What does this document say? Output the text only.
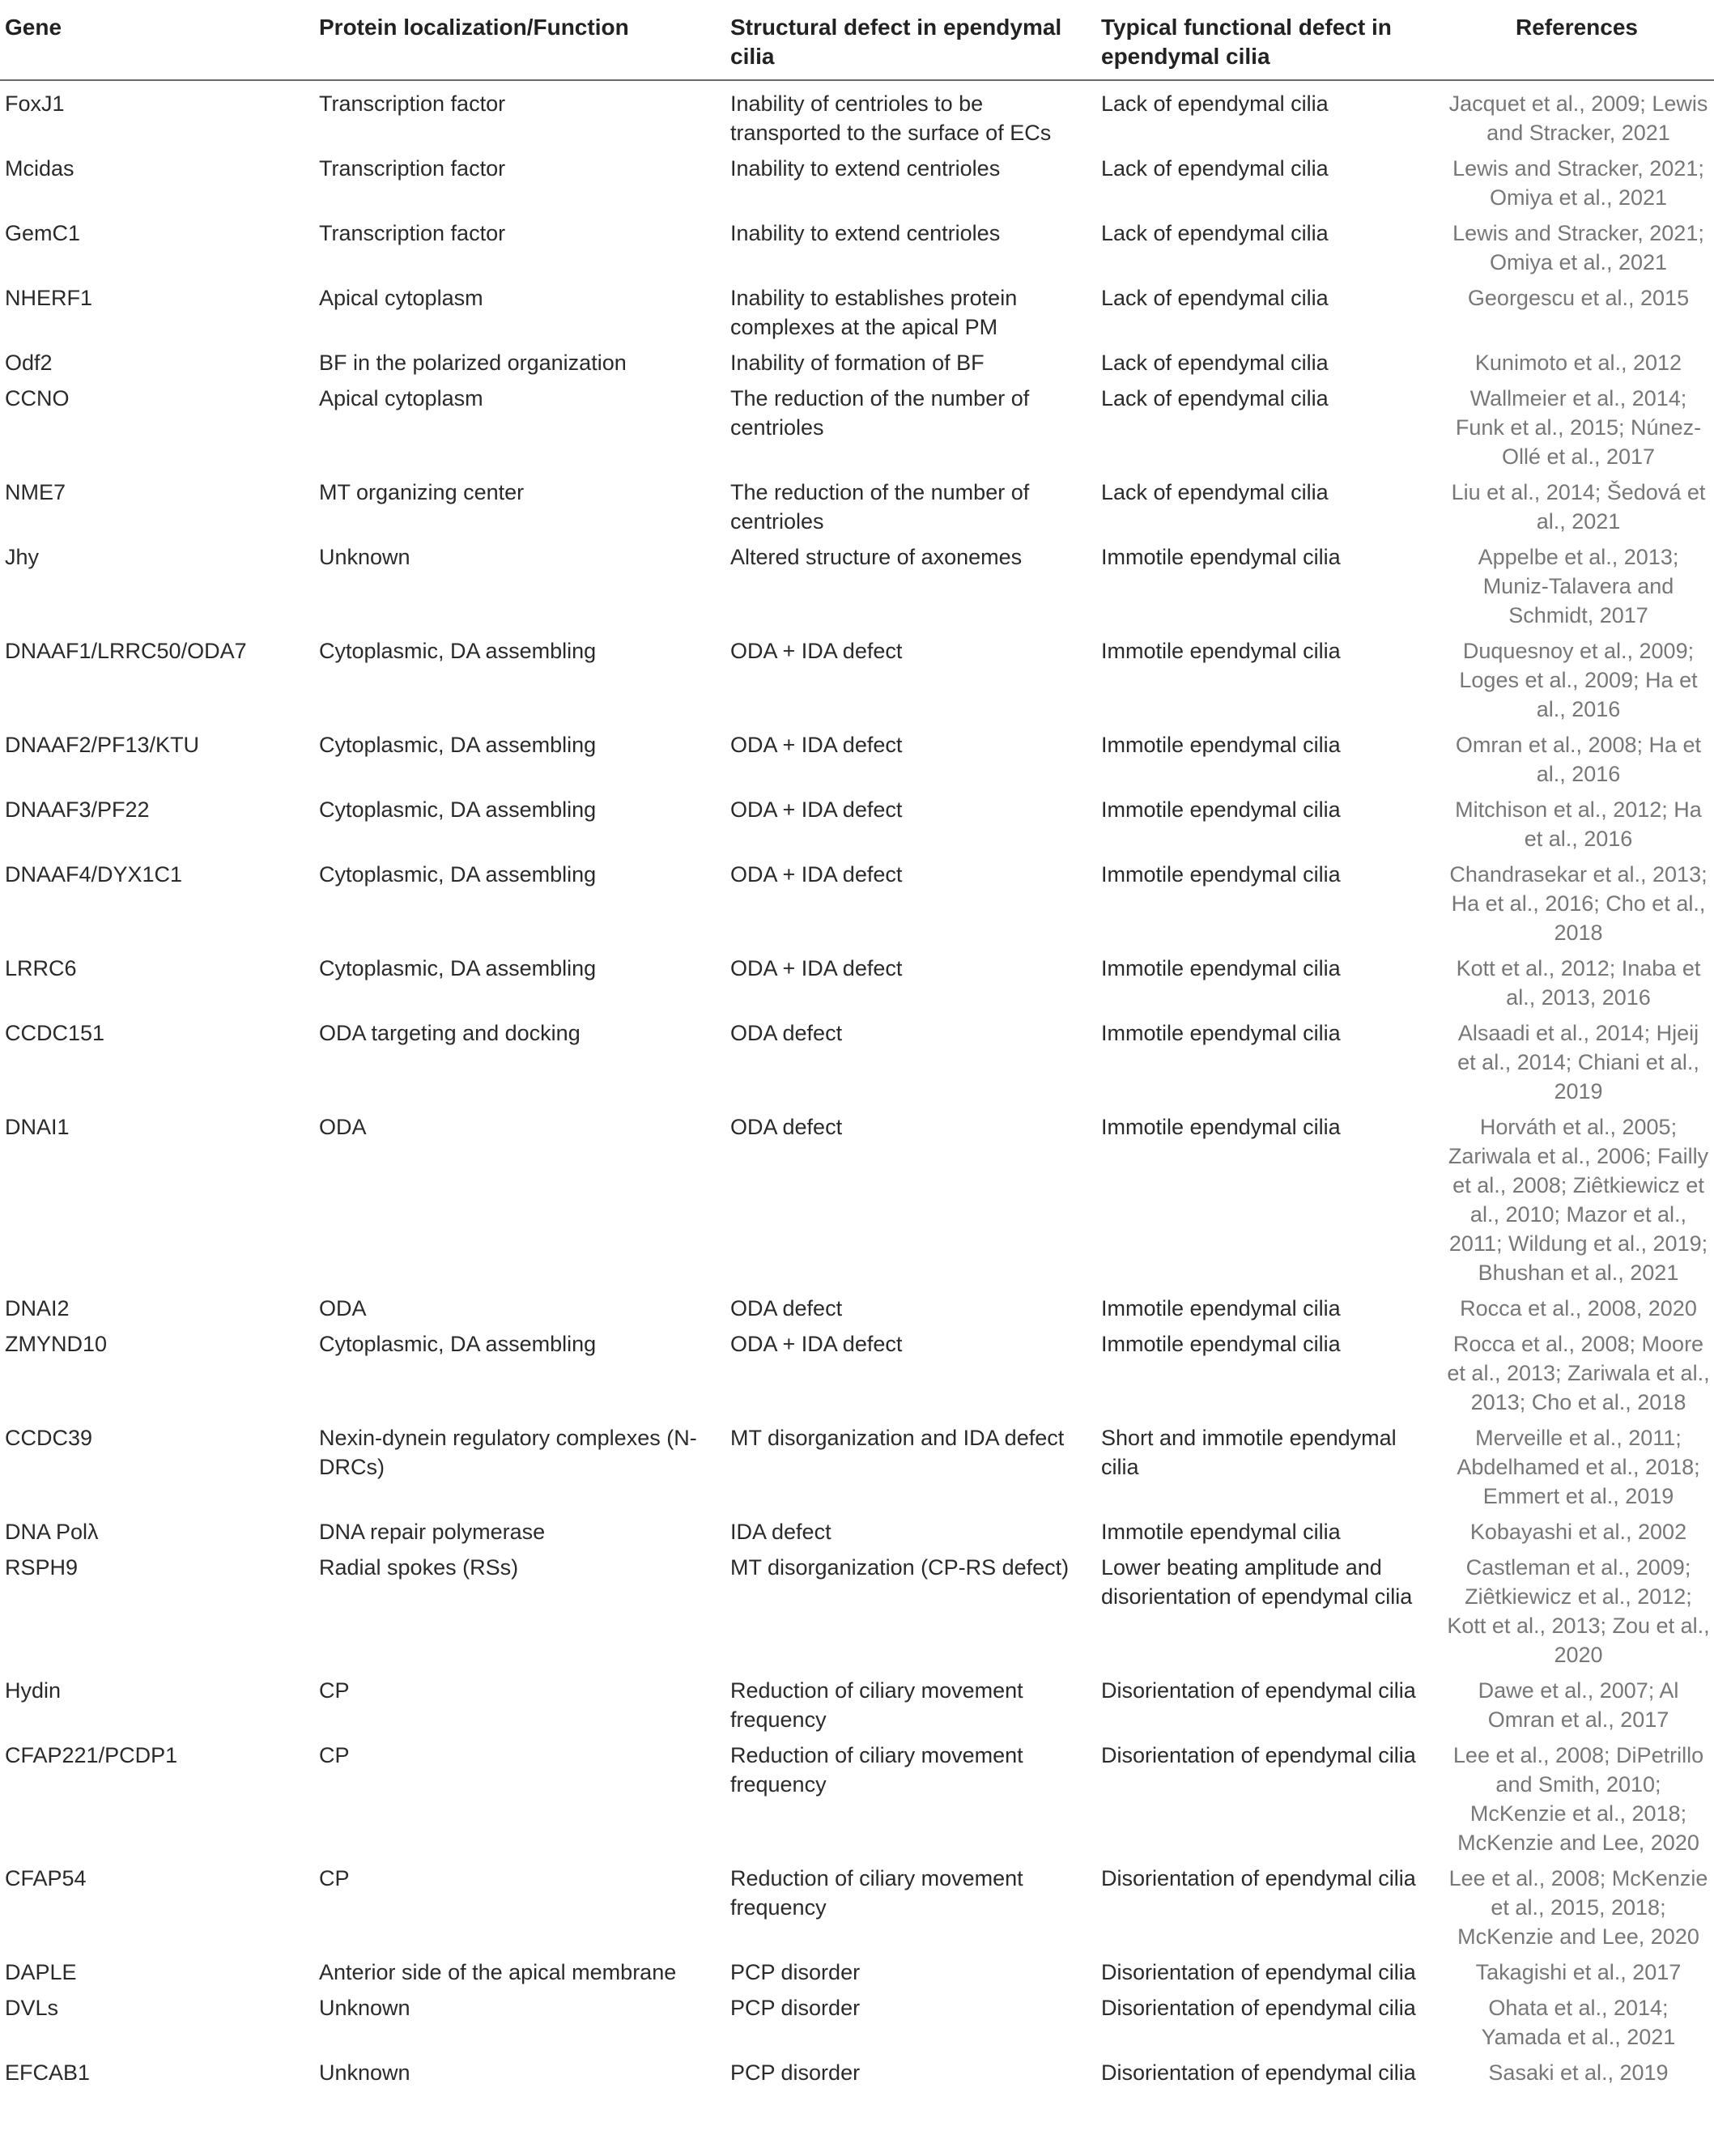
Gene	Protein localization/Function	Structural defect in ependymal cilia	Typical functional defect in ependymal cilia	References
FoxJ1	Transcription factor	Inability of centrioles to be transported to the surface of ECs	Lack of ependymal cilia	Jacquet et al., 2009; Lewis and Stracker, 2021
Mcidas	Transcription factor	Inability to extend centrioles	Lack of ependymal cilia	Lewis and Stracker, 2021; Omiya et al., 2021
GemC1	Transcription factor	Inability to extend centrioles	Lack of ependymal cilia	Lewis and Stracker, 2021; Omiya et al., 2021
NHERF1	Apical cytoplasm	Inability to establishes protein complexes at the apical PM	Lack of ependymal cilia	Georgescu et al., 2015
Odf2	BF in the polarized organization	Inability of formation of BF	Lack of ependymal cilia	Kunimoto et al., 2012
CCNO	Apical cytoplasm	The reduction of the number of centrioles	Lack of ependymal cilia	Wallmeier et al., 2014; Funk et al., 2015; Núnez-Ollé et al., 2017
NME7	MT organizing center	The reduction of the number of centrioles	Lack of ependymal cilia	Liu et al., 2014; Šedová et al., 2021
Jhy	Unknown	Altered structure of axonemes	Immotile ependymal cilia	Appelbe et al., 2013; Muniz-Talavera and Schmidt, 2017
DNAAF1/LRRC50/ODA7	Cytoplasmic, DA assembling	ODA + IDA defect	Immotile ependymal cilia	Duquesnoy et al., 2009; Loges et al., 2009; Ha et al., 2016
DNAAF2/PF13/KTU	Cytoplasmic, DA assembling	ODA + IDA defect	Immotile ependymal cilia	Omran et al., 2008; Ha et al., 2016
DNAAF3/PF22	Cytoplasmic, DA assembling	ODA + IDA defect	Immotile ependymal cilia	Mitchison et al., 2012; Ha et al., 2016
DNAAF4/DYX1C1	Cytoplasmic, DA assembling	ODA + IDA defect	Immotile ependymal cilia	Chandrasekar et al., 2013; Ha et al., 2016; Cho et al., 2018
LRRC6	Cytoplasmic, DA assembling	ODA + IDA defect	Immotile ependymal cilia	Kott et al., 2012; Inaba et al., 2013, 2016
CCDC151	ODA targeting and docking	ODA defect	Immotile ependymal cilia	Alsaadi et al., 2014; Hjeij et al., 2014; Chiani et al., 2019
DNAI1	ODA	ODA defect	Immotile ependymal cilia	Horváth et al., 2005; Zariwala et al., 2006; Failly et al., 2008; Ziêtkiewicz et al., 2010; Mazor et al., 2011; Wildung et al., 2019; Bhushan et al., 2021
DNAI2	ODA	ODA defect	Immotile ependymal cilia	Rocca et al., 2008, 2020
ZMYND10	Cytoplasmic, DA assembling	ODA + IDA defect	Immotile ependymal cilia	Rocca et al., 2008; Moore et al., 2013; Zariwala et al., 2013; Cho et al., 2018
CCDC39	Nexin-dynein regulatory complexes (N-DRCs)	MT disorganization and IDA defect	Short and immotile ependymal cilia	Merveille et al., 2011; Abdelhamed et al., 2018; Emmert et al., 2019
DNA Polλ	DNA repair polymerase	IDA defect	Immotile ependymal cilia	Kobayashi et al., 2002
RSPH9	Radial spokes (RSs)	MT disorganization (CP-RS defect)	Lower beating amplitude and disorientation of ependymal cilia	Castleman et al., 2009; Ziêtkiewicz et al., 2012; Kott et al., 2013; Zou et al., 2020
Hydin	CP	Reduction of ciliary movement frequency	Disorientation of ependymal cilia	Dawe et al., 2007; Al Omran et al., 2017
CFAP221/PCDP1	CP	Reduction of ciliary movement frequency	Disorientation of ependymal cilia	Lee et al., 2008; DiPetrillo and Smith, 2010; McKenzie et al., 2018; McKenzie and Lee, 2020
CFAP54	CP	Reduction of ciliary movement frequency	Disorientation of ependymal cilia	Lee et al., 2008; McKenzie et al., 2015, 2018; McKenzie and Lee, 2020
DAPLE	Anterior side of the apical membrane	PCP disorder	Disorientation of ependymal cilia	Takagishi et al., 2017
DVLs	Unknown	PCP disorder	Disorientation of ependymal cilia	Ohata et al., 2014; Yamada et al., 2021
EFCAB1	Unknown	PCP disorder	Disorientation of ependymal cilia	Sasaki et al., 2019
